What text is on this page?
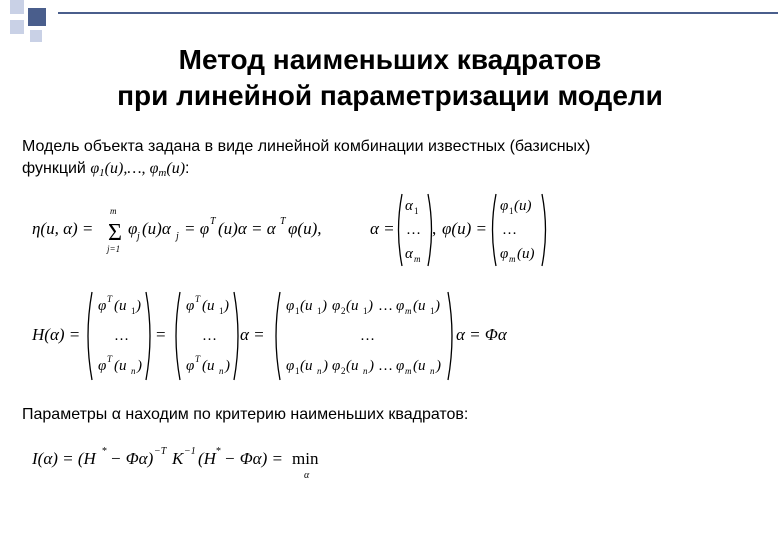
Метод наименьших квадратов
при линейной параметризации модели
Модель объекта задана в виде линейной комбинации известных (базисных)
функций $\varphi_1(u),\dots$, $\varphi_m(u)$:
η(u, α) =
m
Σ
j=1
φ j (u)α j = φ T (u)α = α T φ(u),	α =
α 1
…
α m
, φ(u) =
φ 1 (u)
…
φ m (u)
H(α) =
φ T (u 1 )
…
φ T (u n )
=
φ T (u 1 )
…
φ T (u n )
α =
φ 1 (u 1 ) φ 2 (u 1 ) … φ m (u 1 )
…
φ 1 (u n ) φ 2 (u n ) … φ m (u n )
α = Φα
Параметры α находим по критерию наименьших квадратов:
I(α) = (H * − Φα) −T K −1 (H * − Φα) = min
α
